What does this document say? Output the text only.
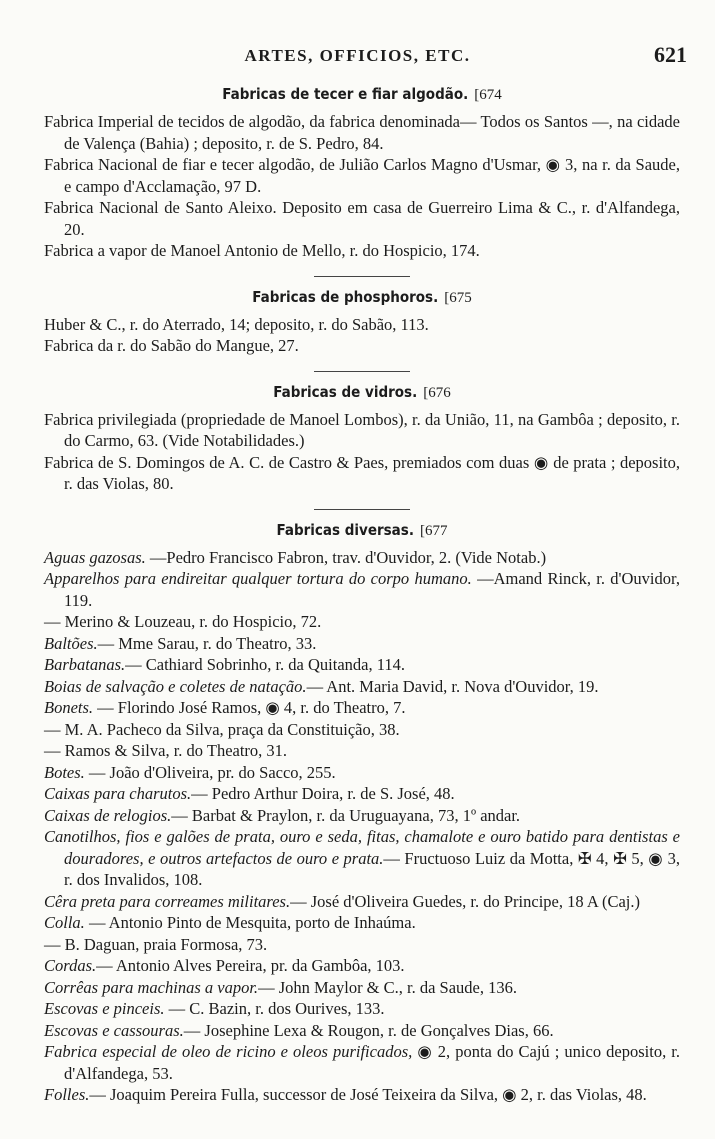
ARTES, OFFICIOS, ETC.	621
Fabricas de tecer e fiar algodão. [674

Fabrica Imperial de tecidos de algodão, da fabrica denominada— Todos os Santos —, na cidade de Valença (Bahia) ; deposito, r. de S. Pedro, 84.

Fabrica Nacional de fiar e tecer algodão, de Julião Carlos Magno d'Usmar, ◉ 3, na r. da Saude, e campo d'Acclamação, 97 D.

Fabrica Nacional de Santo Aleixo. Deposito em casa de Guerreiro Lima & C., r. d'Alfandega, 20.

Fabrica a vapor de Manoel Antonio de Mello, r. do Hospicio, 174.

Fabricas de phosphoros. [675

Huber & C., r. do Aterrado, 14; deposito, r. do Sabão, 113.

Fabrica da r. do Sabão do Mangue, 27.

Fabricas de vidros. [676

Fabrica privilegiada (propriedade de Manoel Lombos), r. da União, 11, na Gambôa ; deposito, r. do Carmo, 63. (Vide Notabilidades.)

Fabrica de S. Domingos de A. C. de Castro & Paes, premiados com duas ◉ de prata ; deposito, r. das Violas, 80.

Fabricas diversas. [677

Aguas gazosas. —Pedro Francisco Fabron, trav. d'Ouvidor, 2. (Vide Notab.)

Apparelhos para endireitar qualquer tortura do corpo humano. —Amand Rinck, r. d'Ouvidor, 119.

— Merino & Louzeau, r. do Hospicio, 72.

Baltões.— Mme Sarau, r. do Theatro, 33.

Barbatanas.— Cathiard Sobrinho, r. da Quitanda, 114.

Boias de salvação e coletes de natação.— Ant. Maria David, r. Nova d'Ouvidor, 19.

Bonets. — Florindo José Ramos, ◉ 4, r. do Theatro, 7.

— M. A. Pacheco da Silva, praça da Constituição, 38.

— Ramos & Silva, r. do Theatro, 31.

Botes. — João d'Oliveira, pr. do Sacco, 255.

Caixas para charutos.— Pedro Arthur Doira, r. de S. José, 48.

Caixas de relogios.— Barbat & Praylon, r. da Uruguayana, 73, 1º andar.

Canotilhos, fios e galões de prata, ouro e seda, fitas, chamalote e ouro batido para dentistas e douradores, e outros artefactos de ouro e prata.— Fructuoso Luiz da Motta, ✠ 4, ✠ 5, ◉ 3, r. dos Invalidos, 108.

Cêra preta para correames militares.— José d'Oliveira Guedes, r. do Principe, 18 A (Caj.)

Colla. — Antonio Pinto de Mesquita, porto de Inhaúma.

— B. Daguan, praia Formosa, 73.

Cordas.— Antonio Alves Pereira, pr. da Gambôa, 103.

Corrêas para machinas a vapor.— John Maylor & C., r. da Saude, 136.

Escovas e pinceis. — C. Bazin, r. dos Ourives, 133.

Escovas e cassouras.— Josephine Lexa & Rougon, r. de Gonçalves Dias, 66.

Fabrica especial de oleo de ricino e oleos purificados, ◉ 2, ponta do Cajú ; unico deposito, r. d'Alfandega, 53.

Folles.— Joaquim Pereira Fulla, successor de José Teixeira da Silva, ◉ 2, r. das Violas, 48.
